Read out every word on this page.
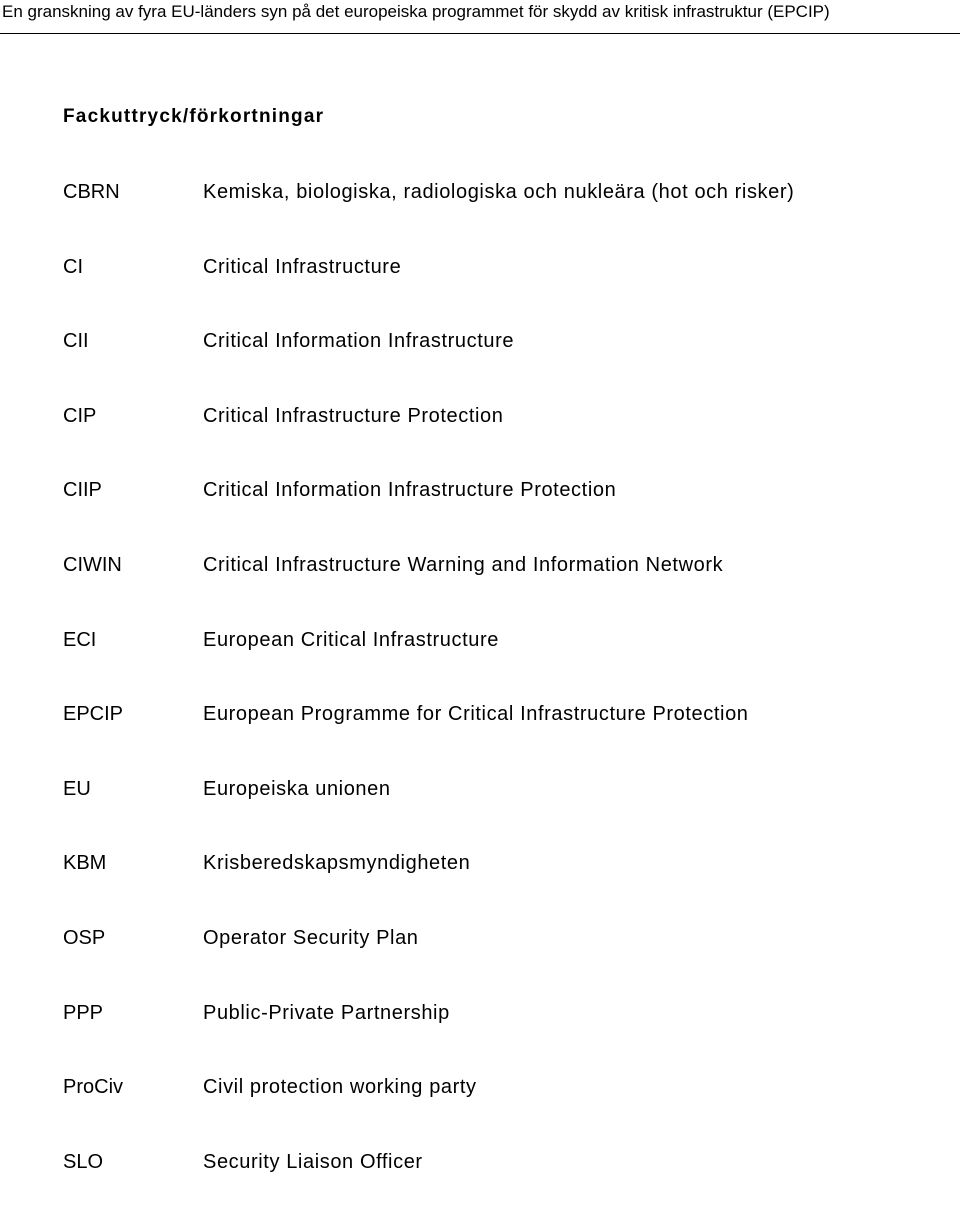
En granskning av fyra EU-länders syn på det europeiska programmet för skydd av kritisk infrastruktur (EPCIP)
Fackuttryck/förkortningar
CBRN	Kemiska, biologiska, radiologiska och nukleära (hot och risker)
CI	Critical Infrastructure
CII	Critical Information Infrastructure
CIP	Critical Infrastructure Protection
CIIP	Critical Information Infrastructure Protection
CIWIN	Critical Infrastructure Warning and Information Network
ECI	European Critical Infrastructure
EPCIP	European Programme for Critical Infrastructure Protection
EU	Europeiska unionen
KBM	Krisberedskapsmyndigheten
OSP	Operator Security Plan
PPP	Public-Private Partnership
ProCiv	Civil protection working party
SLO	Security Liaison Officer
